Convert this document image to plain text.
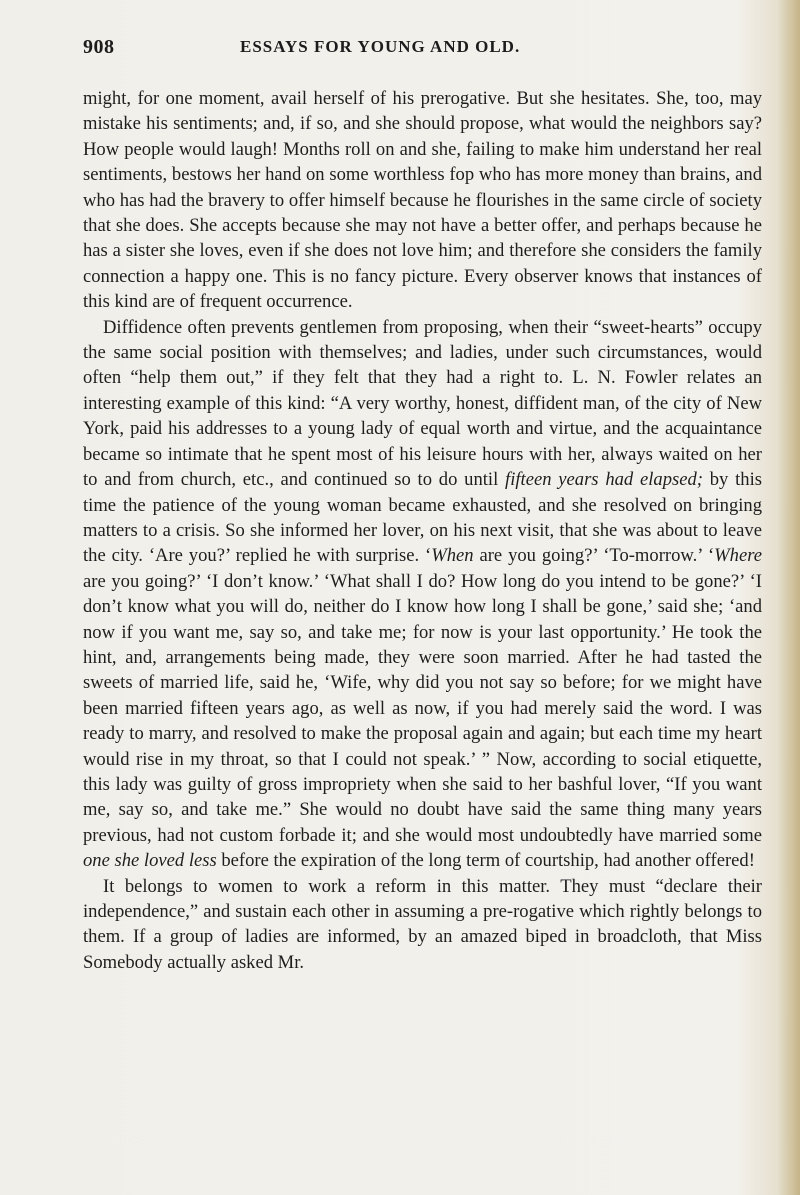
908	ESSAYS FOR YOUNG AND OLD.

might, for one moment, avail herself of his prerogative. But she hesitates. She, too, may mistake his sentiments; and, if so, and she should propose, what would the neighbors say? How people would laugh! Months roll on and she, failing to make him understand her real sentiments, bestows her hand on some worthless fop who has more money than brains, and who has had the bravery to offer himself because he flourishes in the same circle of society that she does. She accepts because she may not have a better offer, and perhaps because he has a sister she loves, even if she does not love him; and therefore she considers the family connection a happy one. This is no fancy picture. Every observer knows that instances of this kind are of frequent occurrence.

Diffidence often prevents gentlemen from proposing, when their “sweet-hearts” occupy the same social position with themselves; and ladies, under such circumstances, would often “help them out,” if they felt that they had a right to. L. N. Fowler relates an interesting example of this kind: “A very worthy, honest, diffident man, of the city of New York, paid his addresses to a young lady of equal worth and virtue, and the acquaintance became so intimate that he spent most of his leisure hours with her, always waited on her to and from church, etc., and continued so to do until fifteen years had elapsed; by this time the patience of the young woman became exhausted, and she resolved on bringing matters to a crisis. So she informed her lover, on his next visit, that she was about to leave the city. ‘Are you?’ replied he with surprise. ‘When are you going?’ ‘To-morrow.’ ‘Where are you going?’ ‘I don’t know.’ ‘What shall I do? How long do you intend to be gone?’ ‘I don’t know what you will do, neither do I know how long I shall be gone,’ said she; ‘and now if you want me, say so, and take me; for now is your last opportunity.’ He took the hint, and, arrangements being made, they were soon married. After he had tasted the sweets of married life, said he, ‘Wife, why did you not say so before; for we might have been married fifteen years ago, as well as now, if you had merely said the word. I was ready to marry, and resolved to make the proposal again and again; but each time my heart would rise in my throat, so that I could not speak.’ ” Now, according to social etiquette, this lady was guilty of gross impropriety when she said to her bashful lover, “If you want me, say so, and take me.” She would no doubt have said the same thing many years previous, had not custom forbade it; and she would most undoubtedly have married some one she loved less before the expiration of the long term of courtship, had another offered!

It belongs to women to work a reform in this matter. They must “declare their independence,” and sustain each other in assuming a pre-rogative which rightly belongs to them. If a group of ladies are informed, by an amazed biped in broadcloth, that Miss Somebody actually asked Mr.
